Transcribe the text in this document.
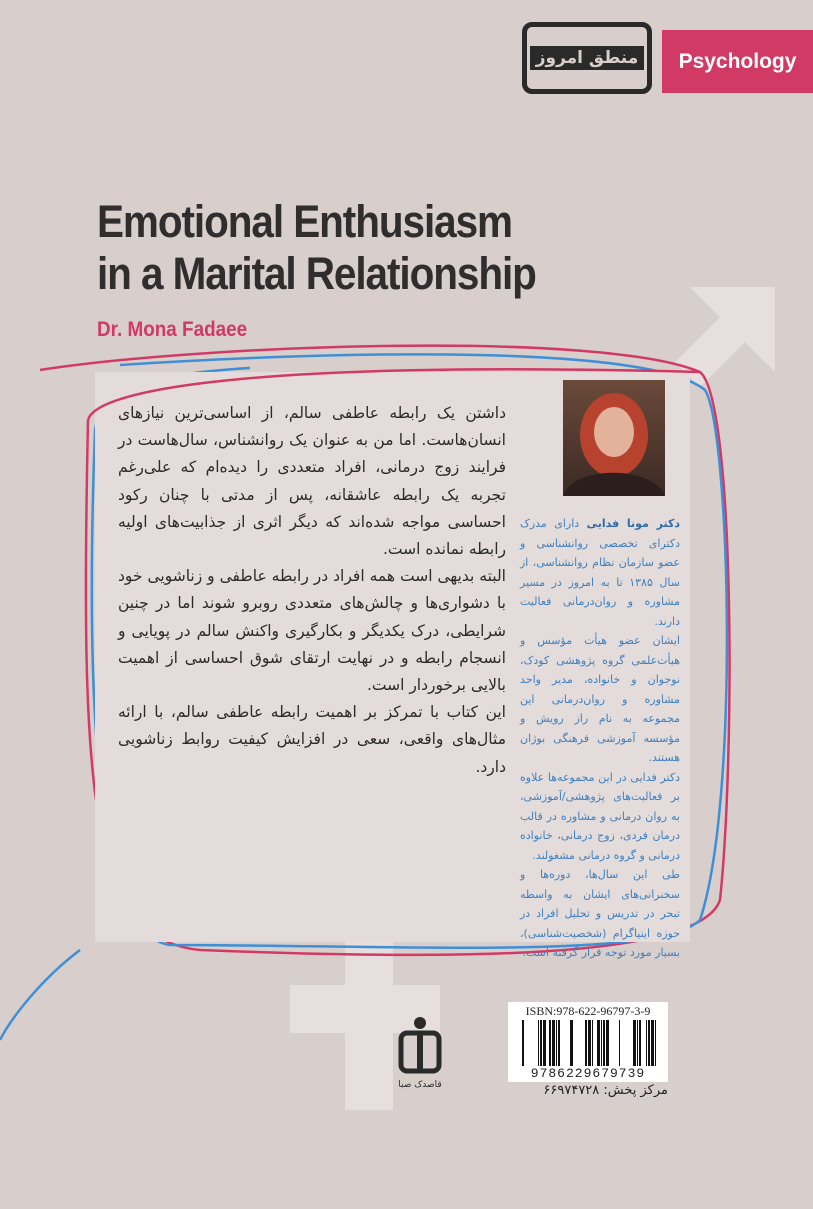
Psychology
منطق امروز
Emotional Enthusiasm
in a Marital Relationship
Dr. Mona Fadaee
داشتن یک رابطه عاطفی سالم، از اساسی‌ترین نیازهای انسان‌هاست. اما من به عنوان یک روانشناس، سال‌هاست در فرایند زوج درمانی، افراد متعددی را دیده‌ام که علی‌رغم تجربه یک رابطه عاشقانه، پس از مدتی با چنان رکود احساسی مواجه شده‌اند که دیگر اثری از جذابیت‌های اولیه رابطه نمانده است.
البته بدیهی است همه افراد در رابطه عاطفی و زناشویی خود با دشواری‌ها و چالش‌های متعددی روبرو شوند اما در چنین شرایطی، درک یکدیگر و بکارگیری واکنش سالم در پویایی و انسجام رابطه و در نهایت ارتقای شوق احساسی از اهمیت بالایی برخوردار است.
این کتاب با تمرکز بر اهمیت رابطه عاطفی سالم، با ارائه مثال‌های واقعی، سعی در افزایش کیفیت روابط زناشویی دارد.
دکتر مونا فدایی دارای مدرک دکترای تخصصی روانشناسی و عضو سازمان نظام روانشناسی، از سال ۱۳۸۵ تا به امروز در مسیر مشاوره و روان‌درمانی فعالیت دارند.
ایشان عضو هیأت مؤسس و هیأت‌علمی گروه پژوهشی کودک، نوجوان و خانواده، مدیر واحد مشاوره و روان‌درمانی این مجموعه به نام راز رویش و مؤسسه آموزشی فرهنگی بوژان هستند.
دکتر فدایی در این مجموعه‌ها علاوه بر فعالیت‌های پژوهشی/آموزشی، به روان درمانی و مشاوره در قالب درمان فردی، زوج درمانی، خانواده درمانی و گروه درمانی مشغولند.
طی این سال‌ها، دوره‌ها و سخنرانی‌های ایشان به واسطه تبحر در تدریس و تحلیل افراد در حوزه اینیاگرام (شخصیت‌شناسی)، بسیار مورد توجه قرار گرفته است.
قاصدک صبا
ISBN:978-622-96797-3-9
9786229679739
مرکز پخش: ۶۶۹۷۴۷۲۸
